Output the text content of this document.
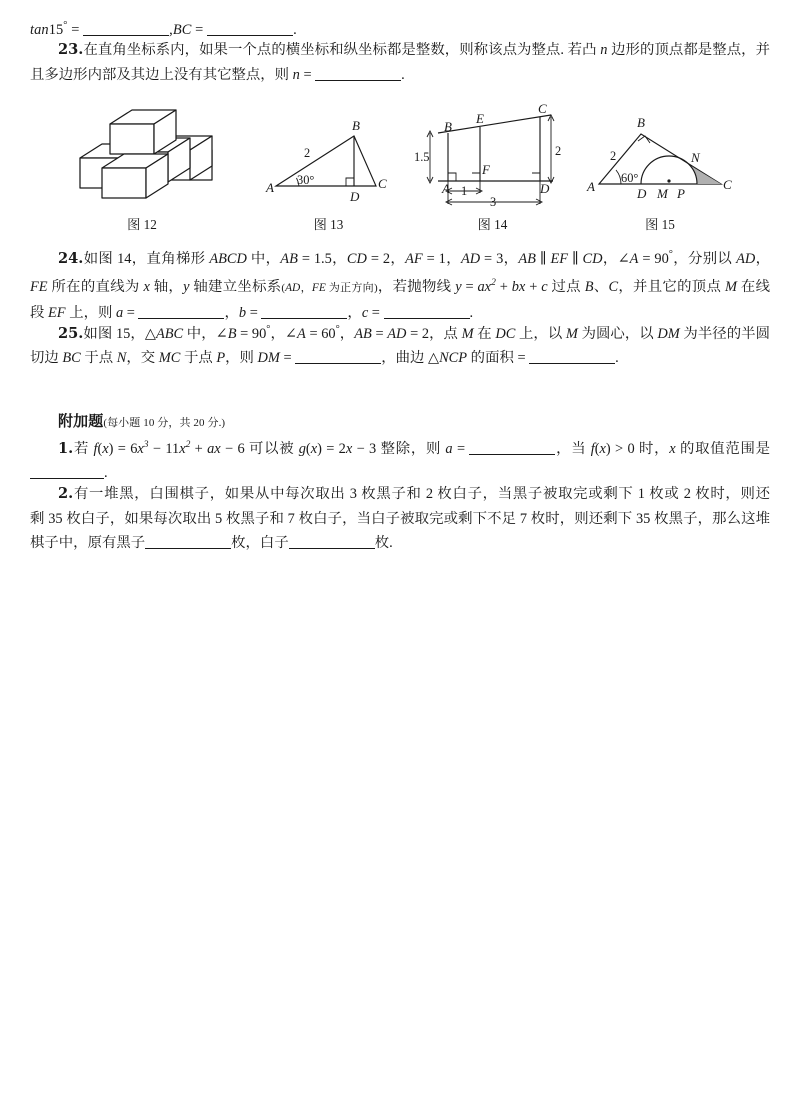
tan15° =	,BC =	.

23.在直角坐标系内，如果一个点的横坐标和纵坐标都是整数，则称该点为整点. 若凸 n 边形的顶点都是整点，并且多边形内部及其边上没有其它整点，则 n =	.

图 12
B
A	C
D
2
30°
图 13
B
E
C
A
F
D
1.5	2
1
3
图 14
B
A	C
N
D M P
2
60°
图 15

24.如图 14，直角梯形 ABCD 中，AB = 1.5，CD = 2，AF = 1，AD = 3，AB ∥ EF ∥ CD，∠A = 90°，分别以 AD，FE 所在的直线为 x 轴，y 轴建立坐标系(AD，FE 为正方向)，若抛物线 $y = ax^2$ + bx + c 过点 B、C，并且它的顶点 M 在线段 EF 上，则 a =	，b =	，c =	.

25.如图 15，△ABC 中，∠B = 90°，∠A = 60°，AB = AD = 2，点 M 在 DC 上，以 M 为圆心，以 DM 为半径的半圆切边 BC 于点 N，交 MC 于点 P，则 DM =	，曲边 △NCP 的面积 =	.

附加题(每小题 10 分，共 20 分.)

1.若 $f(x) = 6x^3 - 11x^2$ + ax − 6 可以被 g(x) = 2x − 3 整除，则 a =	，当 f(x) > 0 时，x 的取值范围是.

2.有一堆黑，白围棋子，如果从中每次取出 3 枚黑子和 2 枚白子，当黑子被取完或剩下 1 枚或 2 枚时，则还剩 35 枚白子，如果每次取出 5 枚黑子和 7 枚白子，当白子被取完或剩下不足 7 枚时，则还剩下 35 枚黑子，那么这堆棋子中，原有黑子	枚，白子	枚.
